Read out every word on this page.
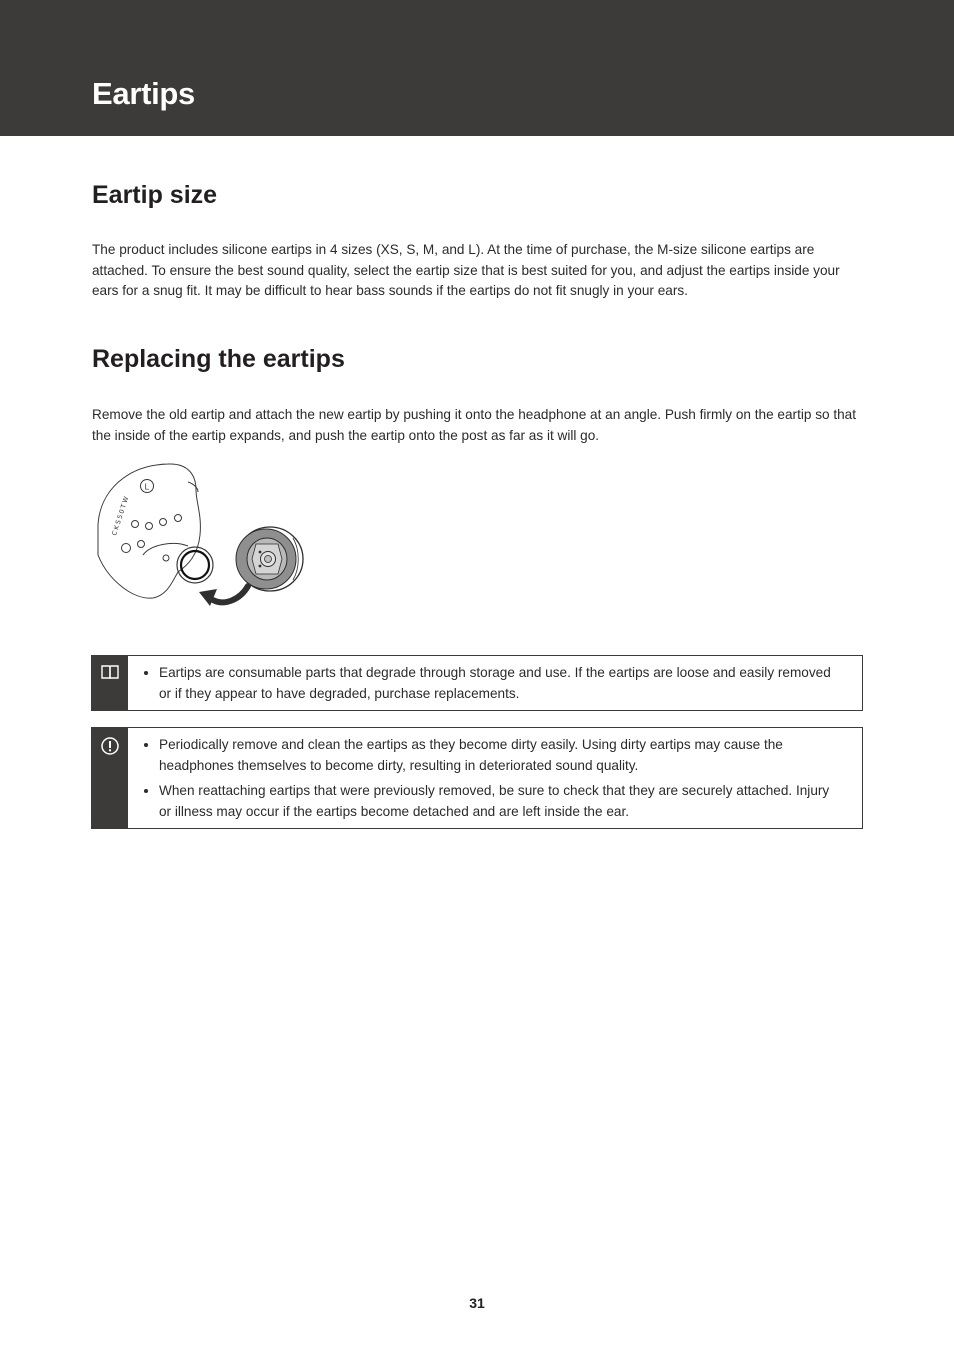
Eartips
Eartip size

The product includes silicone eartips in 4 sizes (XS, S, M, and L). At the time of purchase, the M-size silicone eartips are attached. To ensure the best sound quality, select the eartip size that is best suited for you, and adjust the eartips inside your ears for a snug fit. It may be difficult to hear bass sounds if the eartips do not fit snugly in your ears.

Replacing the eartips

Remove the old eartip and attach the new eartip by pushing it onto the headphone at an angle. Push firmly on the eartip so that the inside of the eartip expands, and push the eartip onto the post as far as it will go.

CKS50TW
L
Eartips are consumable parts that degrade through storage and use. If the eartips are loose and easily removed or if they appear to have degraded, purchase replacements.
Periodically remove and clean the eartips as they become dirty easily. Using dirty eartips may cause the headphones themselves to become dirty, resulting in deteriorated sound quality.
When reattaching eartips that were previously removed, be sure to check that they are securely attached. Injury or illness may occur if the eartips become detached and are left inside the ear.
31
